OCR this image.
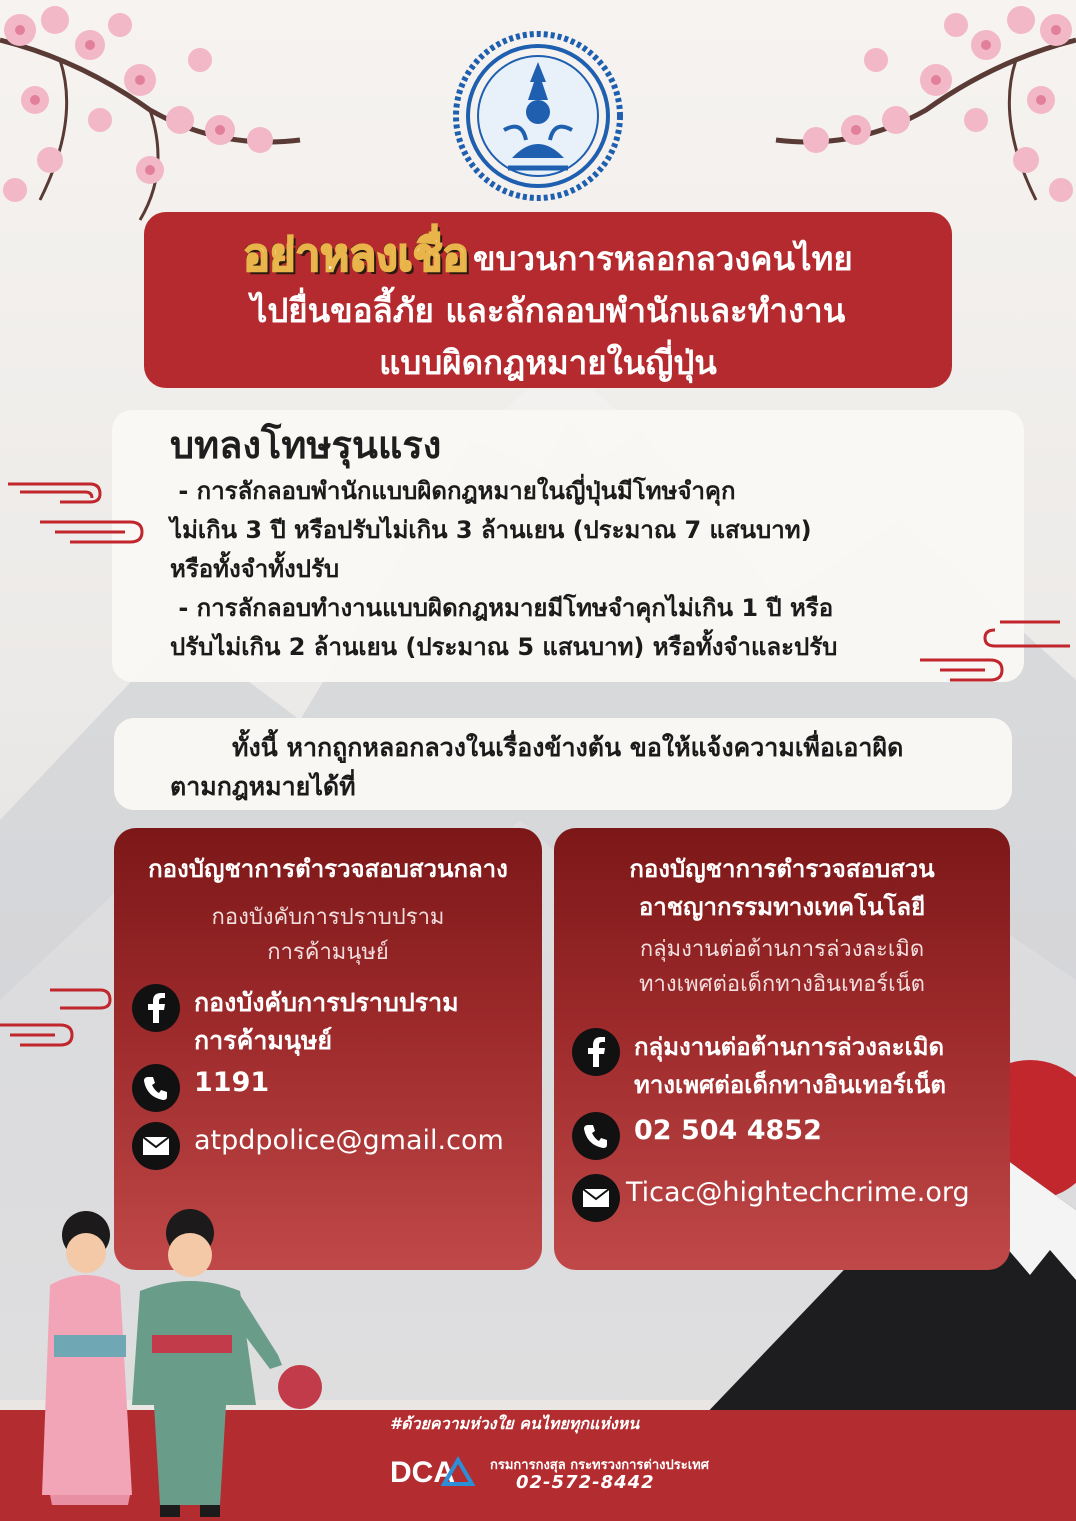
อย่าหลงเชื่อ ขบวนการหลอกลวงคนไทย
ไปยื่นขอลี้ภัย และลักลอบพำนักและทำงาน
แบบผิดกฎหมายในญี่ปุ่น
บทลงโทษรุนแรง

- การลักลอบพำนักแบบผิดกฎหมายในญี่ปุ่นมีโทษจำคุก
ไม่เกิน 3 ปี หรือปรับไม่เกิน 3 ล้านเยน (ประมาณ 7 แสนบาท)
หรือทั้งจำทั้งปรับ

- การลักลอบทำงานแบบผิดกฎหมายมีโทษจำคุกไม่เกิน 1 ปี หรือ
ปรับไม่เกิน 2 ล้านเยน (ประมาณ 5 แสนบาท) หรือทั้งจำและปรับ

ทั้งนี้ หากถูกหลอกลวงในเรื่องข้างต้น ขอให้แจ้งความเพื่อเอาผิด
ตามกฎหมายได้ที่
กองบัญชาการตำรวจสอบสวนกลาง
กองบังคับการปราบปราม
การค้ามนุษย์
กองบังคับการปราบปราม
การค้ามนุษย์
1191
atpdpolice@gmail.com
กองบัญชาการตำรวจสอบสวน
อาชญากรรมทางเทคโนโลยี
กลุ่มงานต่อต้านการล่วงละเมิด
ทางเพศต่อเด็กทางอินเทอร์เน็ต
กลุ่มงานต่อต้านการล่วงละเมิด
ทางเพศต่อเด็กทางอินเทอร์เน็ต
02 504 4852
Ticac@hightechcrime.org
#ด้วยความห่วงใย คนไทยทุกแห่งหน
DCA	กรมการกงสุล กระทรวงการต่างประเทศ
02-572-8442
